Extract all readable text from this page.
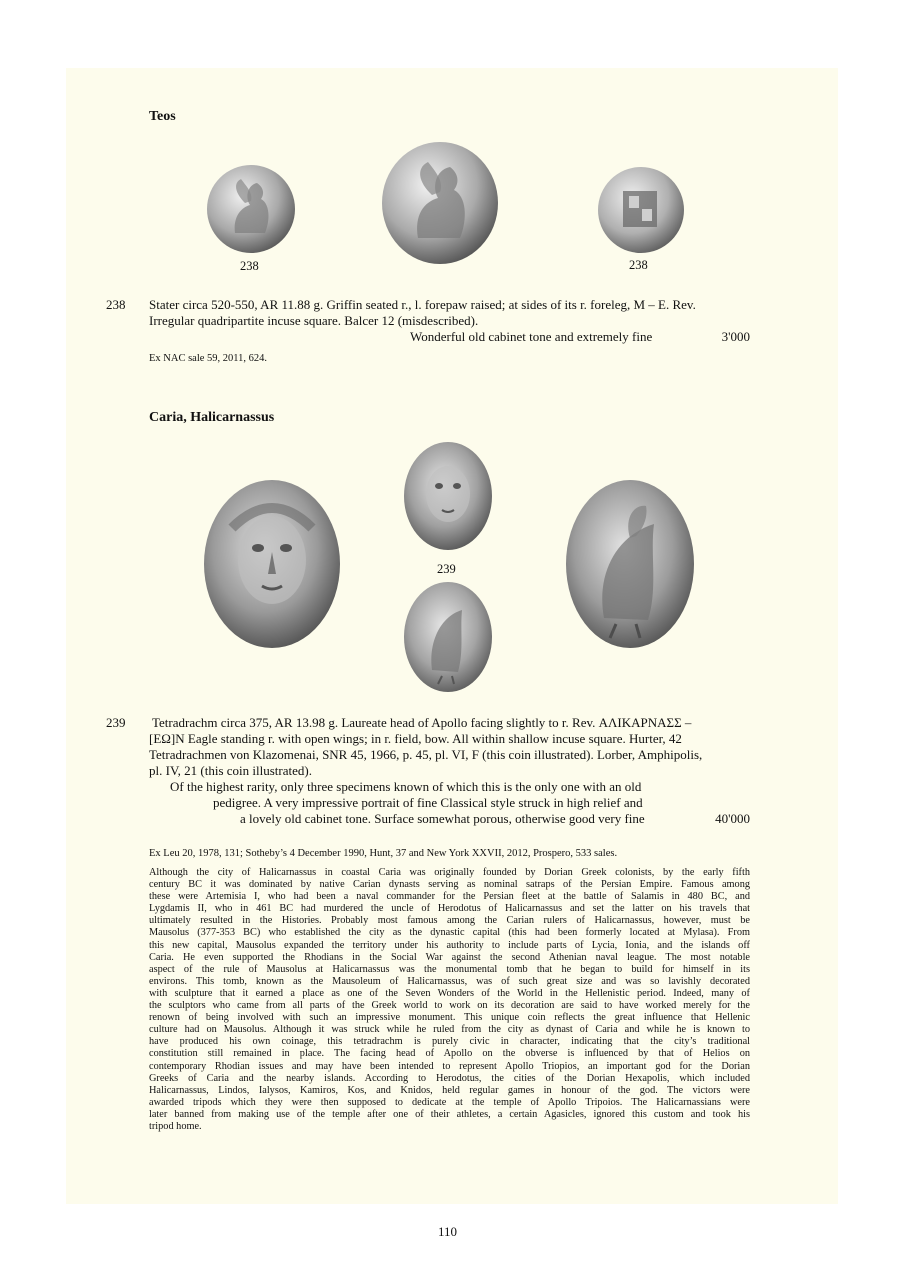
Teos
238	238
238 Stater circa 520-550, AR 11.88 g. Griffin seated r., l. forepaw raised; at sides of its r. foreleg, M – E. Rev.
Irregular quadripartite incuse square. Balcer 12 (misdescribed).
Wonderful old cabinet tone and extremely fine	3'000
Ex NAC sale 59, 2011, 624.
Caria, Halicarnassus
239
239 Tetradrachm circa 375, AR 13.98 g. Laureate head of Apollo facing slightly to r. Rev. ΑΛΙΚΑΡΝΑΣΣ –
[ΕΩ]Ν Eagle standing r. with open wings; in r. field, bow. All within shallow incuse square. Hurter, 42
Tetradrachmen von Klazomenai, SNR 45, 1966, p. 45, pl. VI, F (this coin illustrated). Lorber, Amphipolis,
pl. IV, 21 (this coin illustrated).
Of the highest rarity, only three specimens known of which this is the only one with an old
pedigree. A very impressive portrait of fine Classical style struck in high relief and
a lovely old cabinet tone. Surface somewhat porous, otherwise good very fine	40'000
Ex Leu 20, 1978, 131; Sotheby’s 4 December 1990, Hunt, 37 and New York XXVII, 2012, Prospero, 533 sales.
Although the city of Halicarnassus in coastal Caria was originally founded by Dorian Greek colonists, by the early fifth
century BC it was dominated by native Carian dynasts serving as nominal satraps of the Persian Empire. Famous among
these were Artemisia I, who had been a naval commander for the Persian fleet at the battle of Salamis in 480 BC, and
Lygdamis II, who in 461 BC had murdered the uncle of Herodotus of Halicarnassus and set the latter on his travels that
ultimately resulted in the Histories. Probably most famous among the Carian rulers of Halicarnassus, however, must be
Mausolus (377-353 BC) who established the city as the dynastic capital (this had been formerly located at Mylasa). From
this new capital, Mausolus expanded the territory under his authority to include parts of Lycia, Ionia, and the islands off
Caria. He even supported the Rhodians in the Social War against the second Athenian naval league. The most notable
aspect of the rule of Mausolus at Halicarnassus was the monumental tomb that he began to build for himself in its
environs. This tomb, known as the Mausoleum of Halicarnassus, was of such great size and was so lavishly decorated
with sculpture that it earned a place as one of the Seven Wonders of the World in the Hellenistic period. Indeed, many of
the sculptors who came from all parts of the Greek world to work on its decoration are said to have worked merely for the
renown of being involved with such an impressive monument. This unique coin reflects the great influence that Hellenic
culture had on Mausolus. Although it was struck while he ruled from the city as dynast of Caria and while he is known to
have produced his own coinage, this tetradrachm is purely civic in character, indicating that the city’s traditional
constitution still remained in place. The facing head of Apollo on the obverse is influenced by that of Helios on
contemporary Rhodian issues and may have been intended to represent Apollo Triopios, an important god for the Dorian
Greeks of Caria and the nearby islands. According to Herodotus, the cities of the Dorian Hexapolis, which included
Halicarnassus, Lindos, Ialysos, Kamiros, Kos, and Knidos, held regular games in honour of the god. The victors were
awarded tripods which they were then supposed to dedicate at the temple of Apollo Tripoios. The Halicarnassians were
later banned from making use of the temple after one of their athletes, a certain Agasicles, ignored this custom and took his
tripod home.
110
